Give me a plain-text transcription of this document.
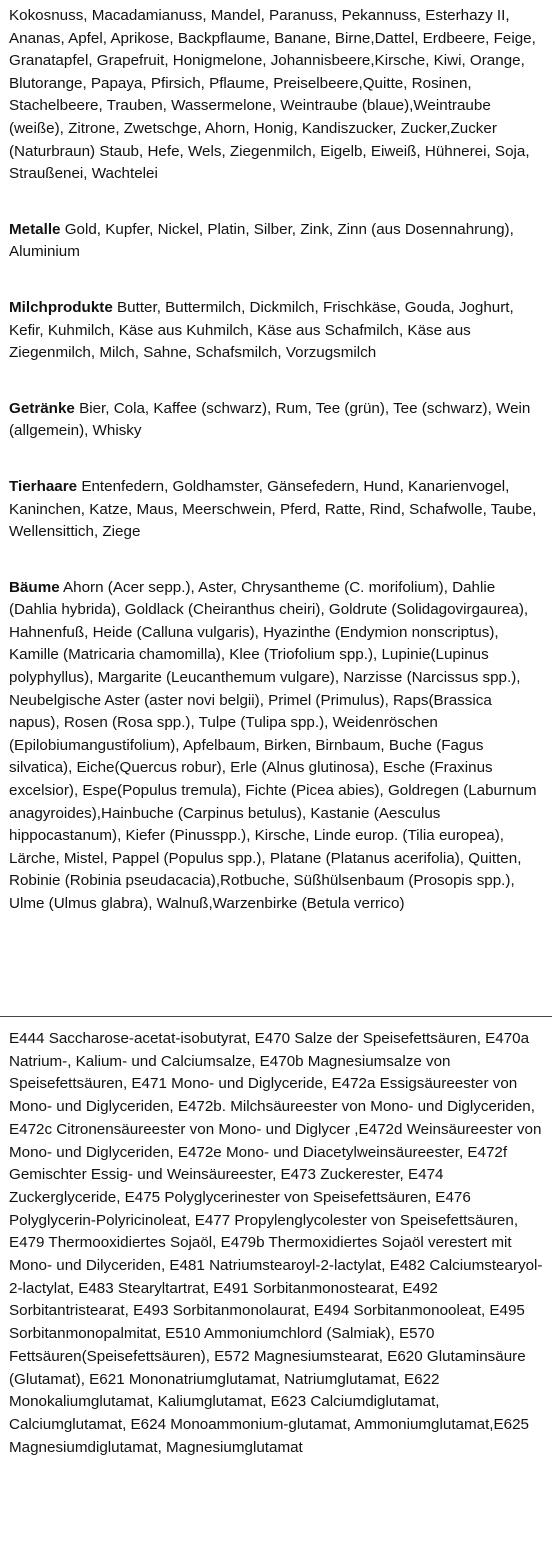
Kokosnuss, Macadamianuss, Mandel, Paranuss, Pekannuss, Esterhazy II, Ananas, Apfel, Aprikose, Backpflaume, Banane, Birne,Dattel, Erdbeere, Feige, Granatapfel, Grapefruit, Honigmelone, Johannisbeere,Kirsche, Kiwi, Orange, Blutorange, Papaya, Pfirsich, Pflaume, Preiselbeere,Quitte, Rosinen, Stachelbeere, Trauben, Wassermelone, Weintraube (blaue),Weintraube (weiße), Zitrone, Zwetschge, Ahorn, Honig, Kandiszucker, Zucker,Zucker (Naturbraun) Staub, Hefe, Wels, Ziegenmilch, Eigelb, Eiweiß, Hühnerei, Soja, Straußenei, Wachtelei

Metalle Gold, Kupfer, Nickel, Platin, Silber, Zink, Zinn (aus Dosennahrung), Aluminium

Milchprodukte Butter, Buttermilch, Dickmilch, Frischkäse, Gouda, Joghurt, Kefir, Kuhmilch, Käse aus Kuhmilch, Käse aus Schafmilch, Käse aus Ziegenmilch, Milch, Sahne, Schafsmilch, Vorzugsmilch

Getränke Bier, Cola, Kaffee (schwarz), Rum, Tee (grün), Tee (schwarz), Wein (allgemein), Whisky

Tierhaare Entenfedern, Goldhamster, Gänsefedern, Hund, Kanarienvogel, Kaninchen, Katze, Maus, Meerschwein, Pferd, Ratte, Rind, Schafwolle, Taube, Wellensittich, Ziege

Bäume Ahorn (Acer sepp.), Aster, Chrysantheme (C. morifolium), Dahlie (Dahlia hybrida), Goldlack (Cheiranthus cheiri), Goldrute (Solidagovirgaurea), Hahnenfuß, Heide (Calluna vulgaris), Hyazinthe (Endymion nonscriptus), Kamille (Matricaria chamomilla), Klee (Triofolium spp.), Lupinie(Lupinus polyphyllus), Margarite (Leucanthemum vulgare), Narzisse (Narcissus spp.), Neubelgische Aster (aster novi belgii), Primel (Primulus), Raps(Brassica napus), Rosen (Rosa spp.), Tulpe (Tulipa spp.), Weidenröschen (Epilobiumangustifolium), Apfelbaum, Birken, Birnbaum, Buche (Fagus silvatica), Eiche(Quercus robur), Erle (Alnus glutinosa), Esche (Fraxinus excelsior), Espe(Populus tremula), Fichte (Picea abies), Goldregen (Laburnum anagyroides),Hainbuche (Carpinus betulus), Kastanie (Aesculus hippocastanum), Kiefer (Pinusspp.), Kirsche, Linde europ. (Tilia europea), Lärche, Mistel, Pappel (Populus spp.), Platane (Platanus acerifolia), Quitten, Robinie (Robinia pseudacacia),Rotbuche, Süßhülsenbaum (Prosopis spp.), Ulme (Ulmus glabra), Walnuß,Warzenbirke (Betula verrico)

E444 Saccharose-acetat-isobutyrat, E470 Salze der Speisefettsäuren, E470a Natrium-, Kalium- und Calciumsalze, E470b Magnesiumsalze von Speisefettsäuren, E471 Mono- und Diglyceride, E472a Essigsäureester von Mono- und Diglyceriden, E472b. Milchsäureester von Mono- und Diglyceriden, E472c Citronensäureester von Mono- und Diglycer ,E472d Weinsäureester von Mono- und Diglyceriden, E472e Mono- und Diacetylweinsäureester, E472f Gemischter Essig- und Weinsäureester, E473 Zuckerester, E474 Zuckerglyceride, E475 Polyglycerinester von Speisefettsäuren, E476 Polyglycerin-Polyricinoleat, E477 Propylenglycolester von Speisefettsäuren, E479 Thermooxidiertes Sojaöl, E479b Thermoxidiertes Sojaöl verestert mit Mono- und Dilyceriden, E481 Natriumstearoyl-2-lactylat, E482 Calciumstearyol-2-lactylat, E483 Stearyltartrat, E491 Sorbitanmonostearat, E492 Sorbitantristearat, E493 Sorbitanmonolaurat, E494 Sorbitanmonooleat, E495 Sorbitanmonopalmitat, E510 Ammoniumchlord (Salmiak), E570 Fettsäuren(Speisefettsäuren), E572 Magnesiumstearat, E620 Glutaminsäure (Glutamat), E621 Mononatriumglutamat, Natriumglutamat, E622 Monokaliumglutamat, Kaliumglutamat, E623 Calciumdiglutamat, Calciumglutamat, E624 Monoammonium-glutamat, Ammoniumglutamat,E625 Magnesiumdiglutamat, Magnesiumglutamat
